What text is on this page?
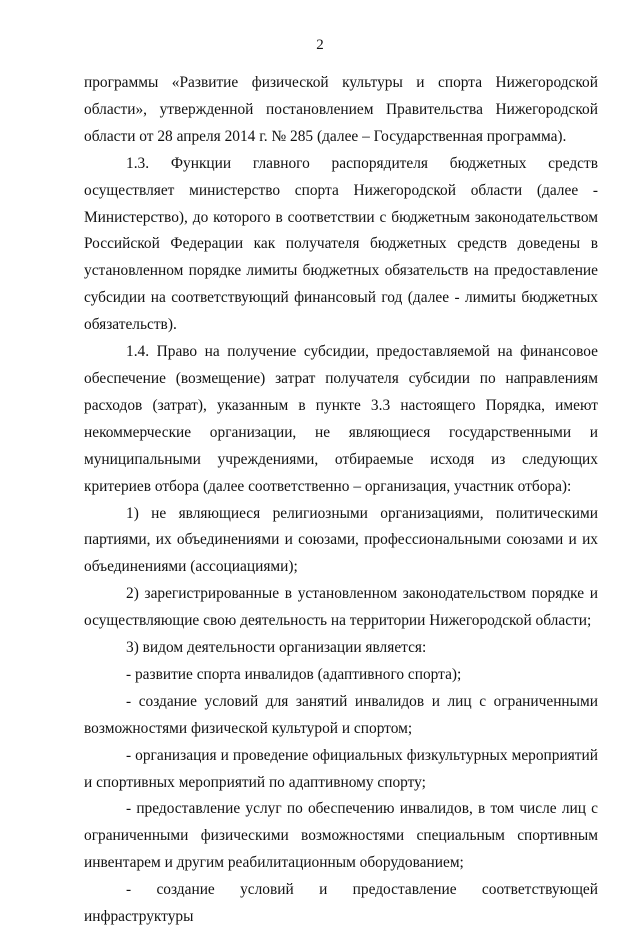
2

программы «Развитие физической культуры и спорта Нижегородской области», утвержденной постановлением Правительства Нижегородской области от 28 апреля 2014 г. № 285 (далее – Государственная программа).

1.3. Функции главного распорядителя бюджетных средств осуществляет министерство спорта Нижегородской области (далее - Министерство), до которого в соответствии с бюджетным законодательством Российской Федерации как получателя бюджетных средств доведены в установленном порядке лимиты бюджетных обязательств на предоставление субсидии на соответствующий финансовый год (далее - лимиты бюджетных обязательств).

1.4. Право на получение субсидии, предоставляемой на финансовое обеспечение (возмещение) затрат получателя субсидии по направлениям расходов (затрат), указанным в пункте 3.3 настоящего Порядка, имеют некоммерческие организации, не являющиеся государственными и муниципальными учреждениями, отбираемые исходя из следующих критериев отбора (далее соответственно – организация, участник отбора):

1) не являющиеся религиозными организациями, политическими партиями, их объединениями и союзами, профессиональными союзами и их объединениями (ассоциациями);

2) зарегистрированные в установленном законодательством порядке и осуществляющие свою деятельность на территории Нижегородской области;

3) видом деятельности организации является:

- развитие спорта инвалидов (адаптивного спорта);

- создание условий для занятий инвалидов и лиц с ограниченными возможностями физической культурой и спортом;

- организация и проведение официальных физкультурных мероприятий и спортивных мероприятий по адаптивному спорту;

- предоставление услуг по обеспечению инвалидов, в том числе лиц с ограниченными физическими возможностями специальным спортивным инвентарем и другим реабилитационным оборудованием;

- создание условий и предоставление соответствующей инфраструктуры
